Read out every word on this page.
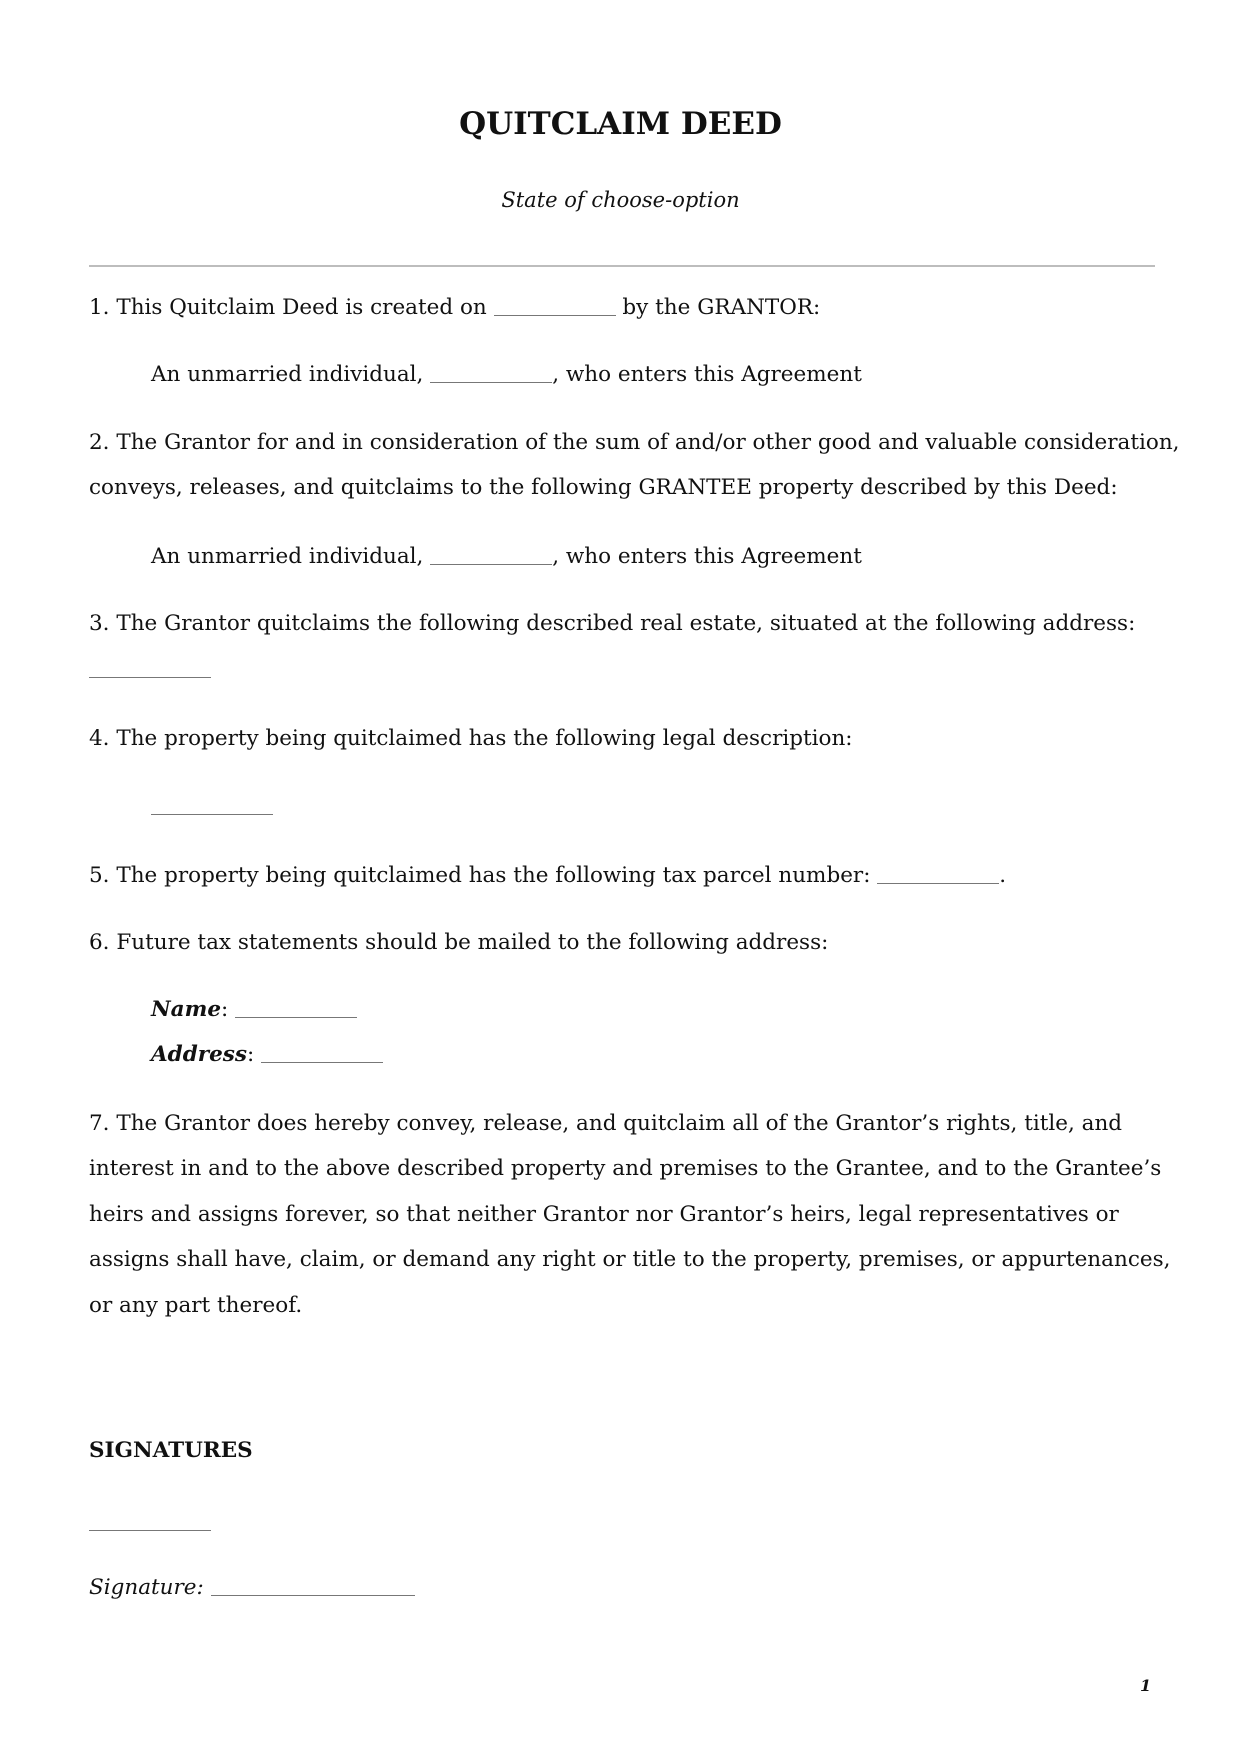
QUITCLAIM DEED
State of choose-option
1. This Quitclaim Deed is created on	by the GRANTOR:
An unmarried individual,	, who enters this Agreement
2. The Grantor for and in consideration of the sum of and/or other good and valuable consideration,
conveys, releases, and quitclaims to the following GRANTEE property described by this Deed:
An unmarried individual,	, who enters this Agreement
3. The Grantor quitclaims the following described real estate, situated at the following address:
4. The property being quitclaimed has the following legal description:
5. The property being quitclaimed has the following tax parcel number:	.
6. Future tax statements should be mailed to the following address:
Name:
Address:
7. The Grantor does hereby convey, release, and quitclaim all of the Grantor’s rights, title, and
interest in and to the above described property and premises to the Grantee, and to the Grantee’s
heirs and assigns forever, so that neither Grantor nor Grantor’s heirs, legal representatives or
assigns shall have, claim, or demand any right or title to the property, premises, or appurtenances,
or any part thereof.
SIGNATURES
Signature:
1
